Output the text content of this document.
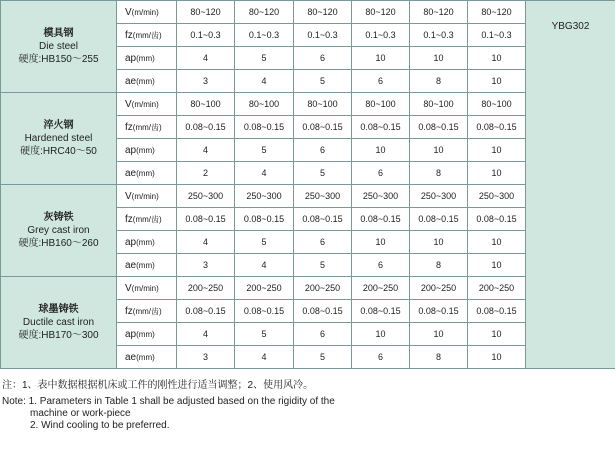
模具钢
Die steel
硬度:HB150～255	V(m/min)	80~120	80~120	80~120	80~120	80~120	80~120	YBG302
	fz(mm/齿)	0.1~0.3	0.1~0.3	0.1~0.3	0.1~0.3	0.1~0.3	0.1~0.3	
	ap(mm)	4	5	6	10	10	10	
	ae(mm)	3	4	5	6	8	10	

淬火钢
Hardened steel
硬度:HRC40～50	V(m/min)	80~100	80~100	80~100	80~100	80~100	80~100	
	fz(mm/齿)	0.08~0.15	0.08~0.15	0.08~0.15	0.08~0.15	0.08~0.15	0.08~0.15	
	ap(mm)	4	5	6	10	10	10	
	ae(mm)	2	4	5	6	8	10	

灰铸铁
Grey cast iron
硬度:HB160～260	V(m/min)	250~300	250~300	250~300	250~300	250~300	250~300	
	fz(mm/齿)	0.08~0.15	0.08~0.15	0.08~0.15	0.08~0.15	0.08~0.15	0.08~0.15	
	ap(mm)	4	5	6	10	10	10	
	ae(mm)	3	4	5	6	8	10	

球墨铸铁
Ductile cast iron
硬度:HB170～300	V(m/min)	200~250	200~250	200~250	200~250	200~250	200~250	
	fz(mm/齿)	0.08~0.15	0.08~0.15	0.08~0.15	0.08~0.15	0.08~0.15	0.08~0.15	
	ap(mm)	4	5	6	10	10	10	
	ae(mm)	3	4	5	6	8	10	
注：1、表中数据根据机床或工件的刚性进行适当调整；2、使用风冷。
Note: 1. Parameters in Table 1 shall be adjusted based on the rigidity of the
machine or work-piece
2. Wind cooling to be preferred.
